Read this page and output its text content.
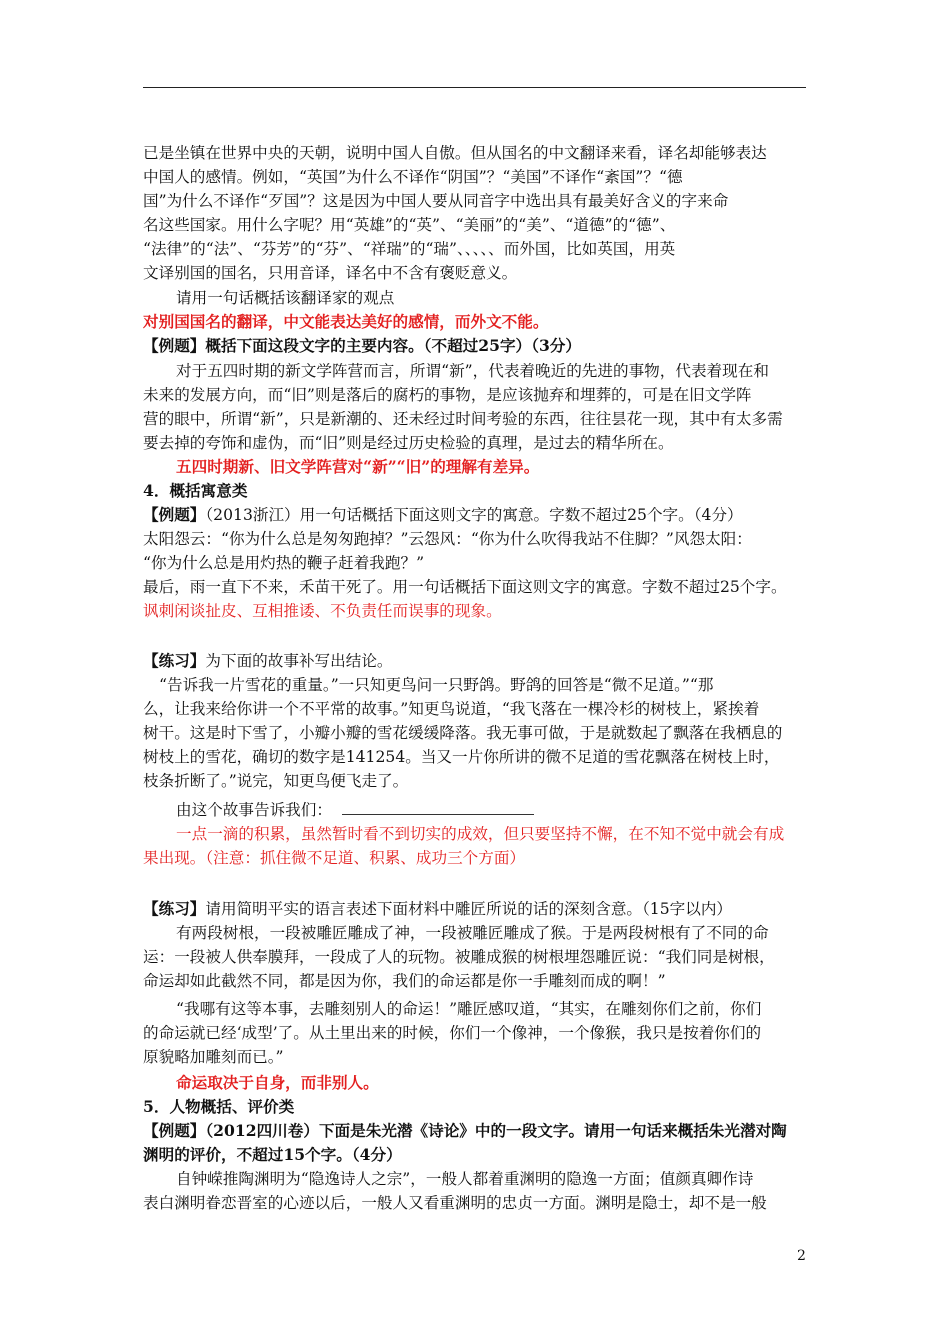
已是坐镇在世界中央的天朝，说明中国人自傲。但从国名的中文翻译来看，译名却能够表达
中国人的感情。例如，“英国”为什么不译作“阴国”？“美国”不译作“紊国”？“德
国”为什么不译作“歹国”？这是因为中国人要从同音字中选出具有最美好含义的字来命
名这些国家。用什么字呢？用“英雄”的“英”、“美丽”的“美”、“道德”的“德”、
“法律”的“法”、“芬芳”的“芬”、“祥瑞”的“瑞”、、、、、而外国，比如英国，用英
文译别国的国名，只用音译，译名中不含有褒贬意义。
请用一句话概括该翻译家的观点
对别国国名的翻译，中文能表达美好的感情，而外文不能。
【例题】概括下面这段文字的主要内容。（不超过25字）（3分）
对于五四时期的新文学阵营而言，所谓“新”，代表着晚近的先进的事物，代表着现在和
未来的发展方向，而“旧”则是落后的腐朽的事物，是应该抛弃和埋葬的，可是在旧文学阵
营的眼中，所谓“新”，只是新潮的、还未经过时间考验的东西，往往昙花一现，其中有太多需
要去掉的夸饰和虚伪，而“旧”则是经过历史检验的真理，是过去的精华所在。
五四时期新、旧文学阵营对“新”“旧”的理解有差异。
4．概括寓意类
【例题】（2013浙江）用一句话概括下面这则文字的寓意。字数不超过25个字。（4分）
太阳怨云：“你为什么总是匆匆跑掉？”云怨风：“你为什么吹得我站不住脚？”风怨太阳：
“你为什么总是用灼热的鞭子赶着我跑？”
最后，雨一直下不来，禾苗干死了。用一句话概括下面这则文字的寓意。字数不超过25个字。
讽刺闲谈扯皮、互相推诿、不负责任而误事的现象。
【练习】为下面的故事补写出结论。
“告诉我一片雪花的重量。”一只知更鸟问一只野鸽。野鸽的回答是“微不足道。”“那
么，让我来给你讲一个不平常的故事。”知更鸟说道，“我飞落在一棵冷杉的树枝上，紧挨着
树干。这是时下雪了，小瓣小瓣的雪花缓缓降落。我无事可做，于是就数起了飘落在我栖息的
树枝上的雪花，确切的数字是141254。当又一片你所讲的微不足道的雪花飘落在树枝上时，
枝条折断了。”说完，知更鸟便飞走了。
由这个故事告诉我们：
一点一滴的积累，虽然暂时看不到切实的成效，但只要坚持不懈，在不知不觉中就会有成
果出现。（注意：抓住微不足道、积累、成功三个方面）
【练习】请用简明平实的语言表述下面材料中雕匠所说的话的深刻含意。（15字以内）
有两段树根，一段被雕匠雕成了神，一段被雕匠雕成了猴。于是两段树根有了不同的命
运：一段被人供奉膜拜，一段成了人的玩物。被雕成猴的树根埋怨雕匠说：“我们同是树根，
命运却如此截然不同，都是因为你，我们的命运都是你一手雕刻而成的啊！”
“我哪有这等本事，去雕刻别人的命运！”雕匠感叹道，“其实，在雕刻你们之前，你们
的命运就已经‘成型’了。从土里出来的时候，你们一个像神，一个像猴，我只是按着你们的
原貌略加雕刻而已。”
命运取决于自身，而非别人。
5．人物概括、评价类
【例题】（2012四川卷）下面是朱光潜《诗论》中的一段文字。请用一句话来概括朱光潜对陶
渊明的评价，不超过15个字。（4分）
自钟嵘推陶渊明为“隐逸诗人之宗”，一般人都着重渊明的隐逸一方面；值颜真卿作诗
表白渊明眷恋晋室的心迹以后，一般人又看重渊明的忠贞一方面。渊明是隐士，却不是一般
2
